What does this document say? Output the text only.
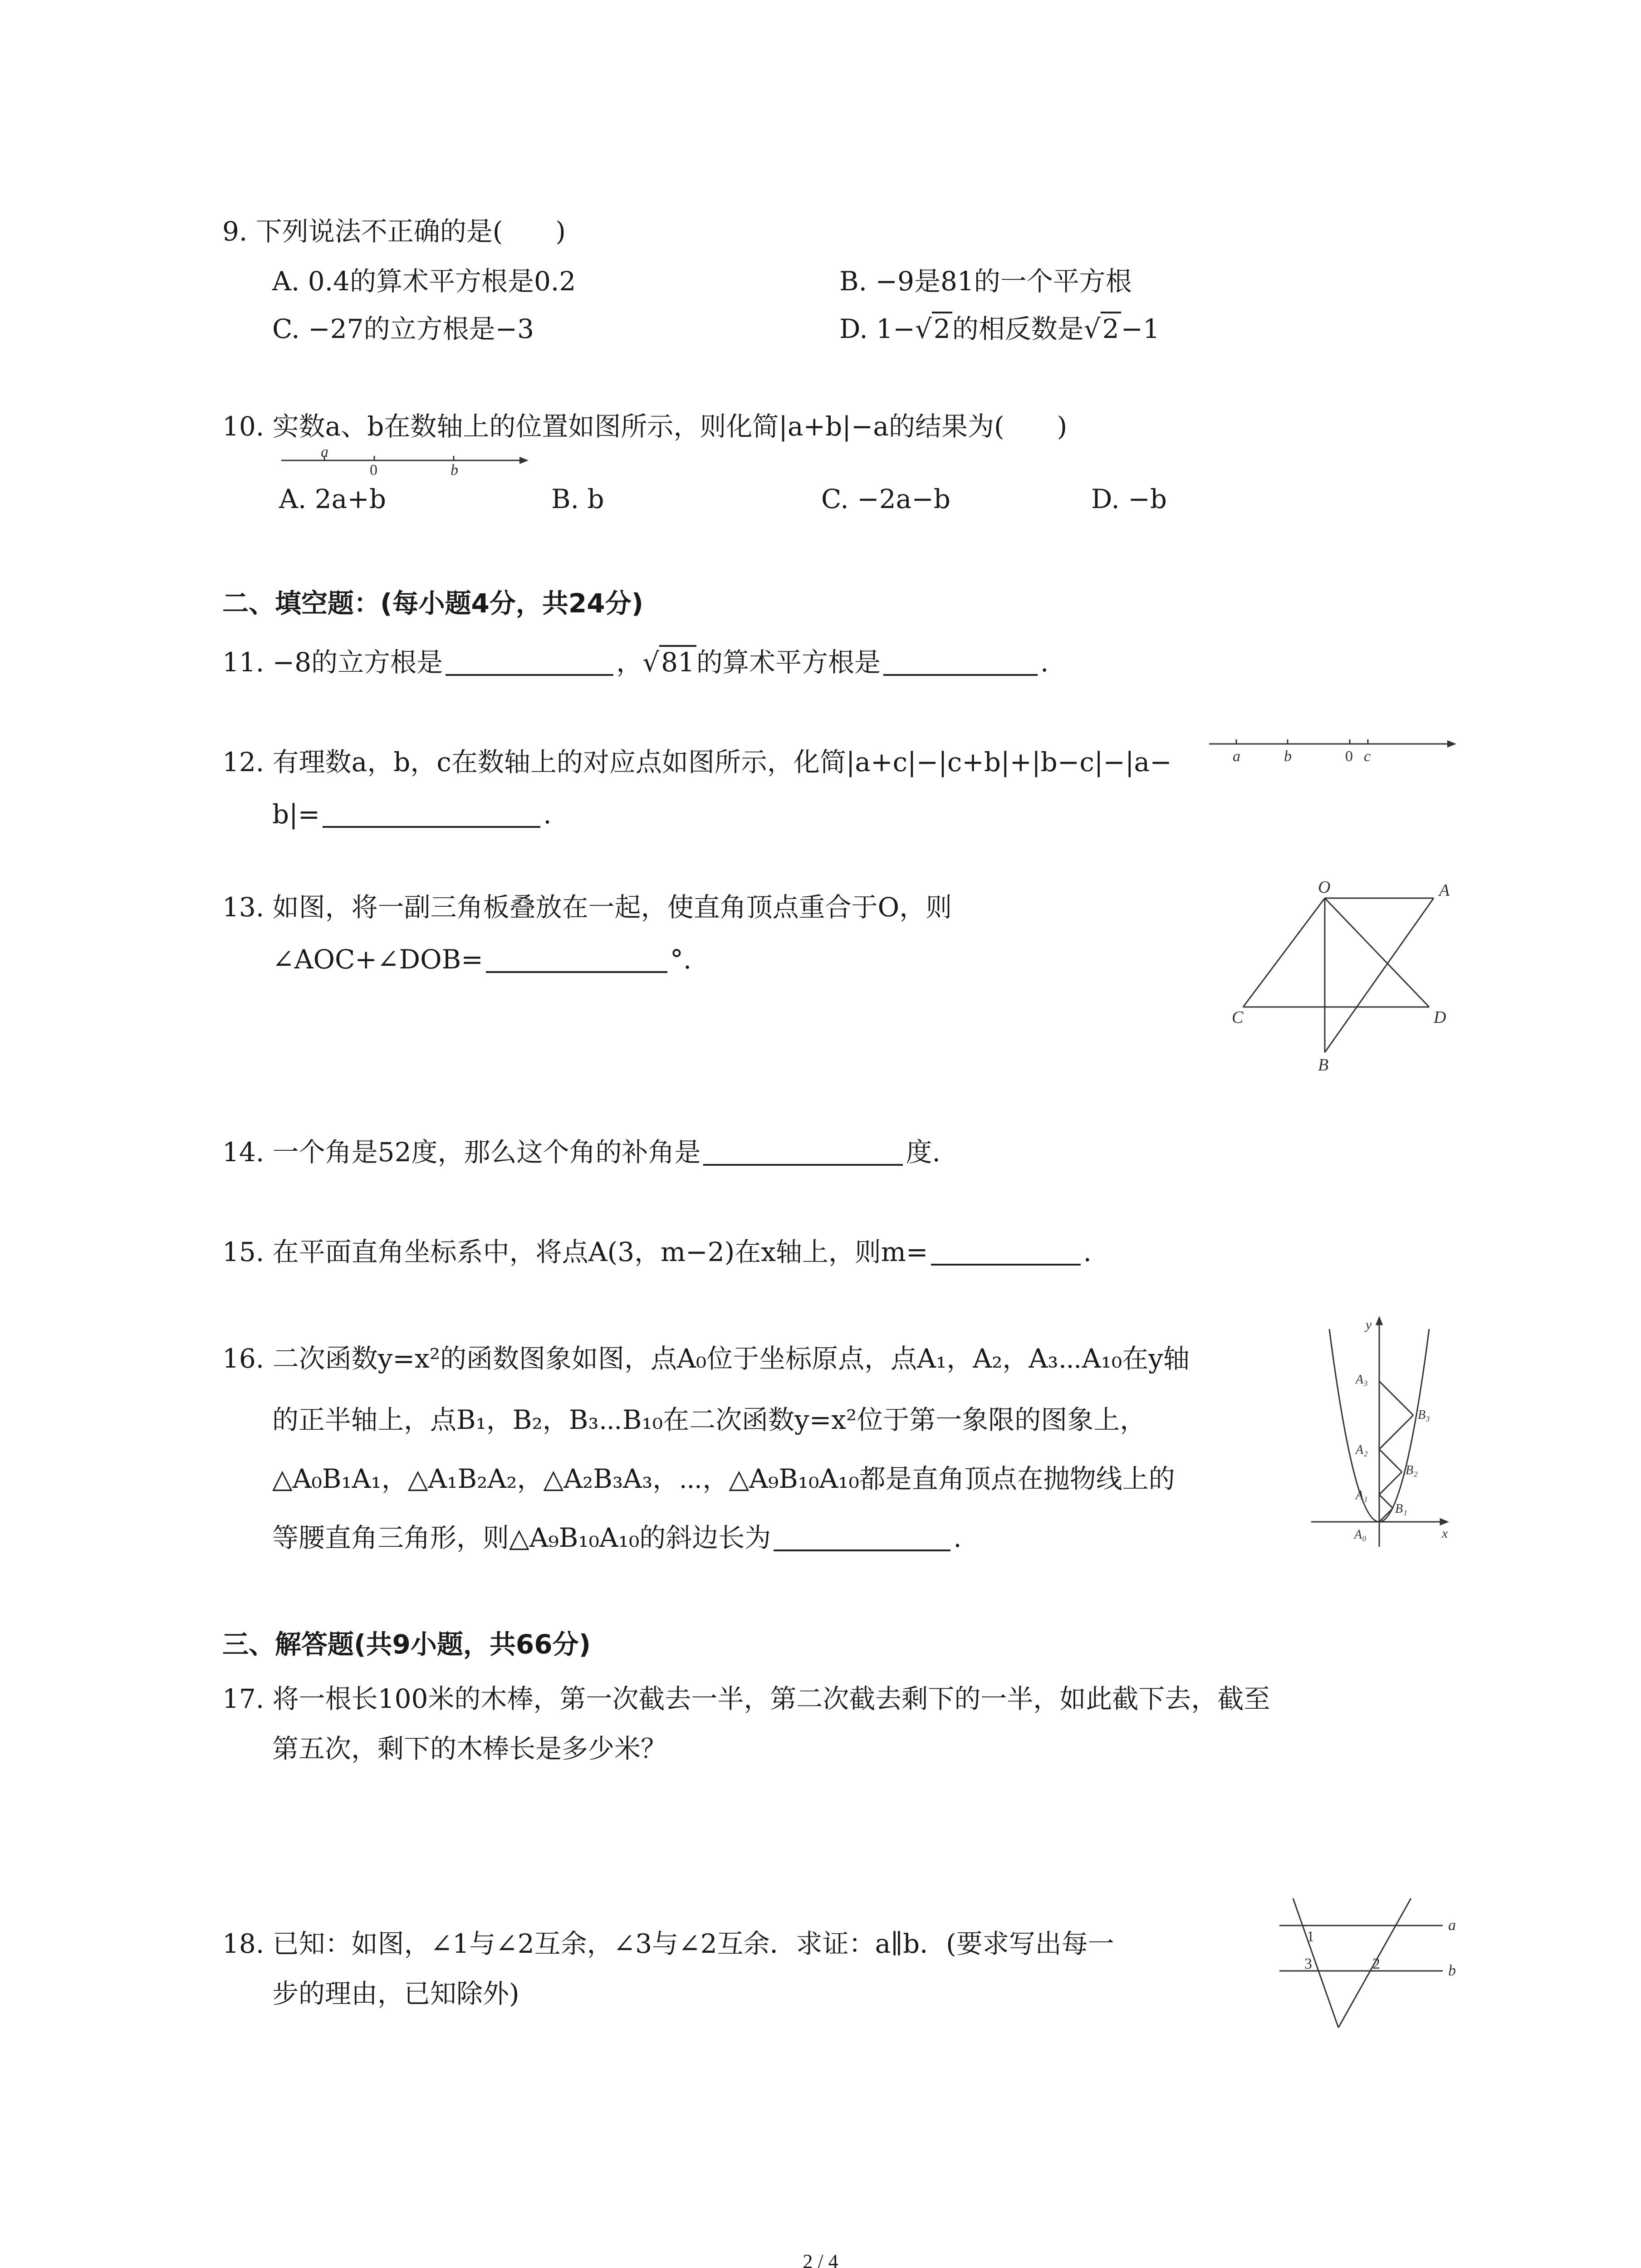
9. 下列说法不正确的是(　　)
A. 0.4的算术平方根是0.2	B. −9是81的一个平方根
C. −27的立方根是−3	D. 1−√2的相反数是√2−1
10. 实数a、b在数轴上的位置如图所示，则化简|a+b|−a的结果为(　　)
a
0	b
A. 2a+b	B. b	C. −2a−b	D. −b
二、填空题：(每小题4分，共24分)
11. −8的立方根是	，√81的算术平方根是	.
12. 有理数a，b，c在数轴上的对应点如图所示，化简|a+c|−|c+b|+|b−c|−|a−
b|=	.
a	b	0 c
13. 如图，将一副三角板叠放在一起，使直角顶点重合于O，则
∠AOC+∠DOB=	°.
O	A
C	D
B
14. 一个角是52度，那么这个角的补角是	度.
15. 在平面直角坐标系中，将点A(3，m−2)在x轴上，则m=	.
16. 二次函数y=x²的函数图象如图，点A₀位于坐标原点，点A₁，A₂，A₃⋯A₁₀在y轴
的正半轴上，点B₁，B₂，B₃⋯B₁₀在二次函数y=x²位于第一象限的图象上，
△A₀B₁A₁，△A₁B₂A₂，△A₂B₃A₃，⋯，△A₉B₁₀A₁₀都是直角顶点在抛物线上的
等腰直角三角形，则△A₉B₁₀A₁₀的斜边长为	.
y
x
A₀
A₁
A₂
A₃
B₁
B₂
B₃
三、解答题(共9小题，共66分)
17. 将一根长100米的木棒，第一次截去一半，第二次截去剩下的一半，如此截下去，截至
第五次，剩下的木棒长是多少米？
18. 已知：如图，∠1与∠2互余，∠3与∠2互余．求证：a∥b．(要求写出每一
步的理由，已知除外)
1
3	2
a
b
2 / 4
